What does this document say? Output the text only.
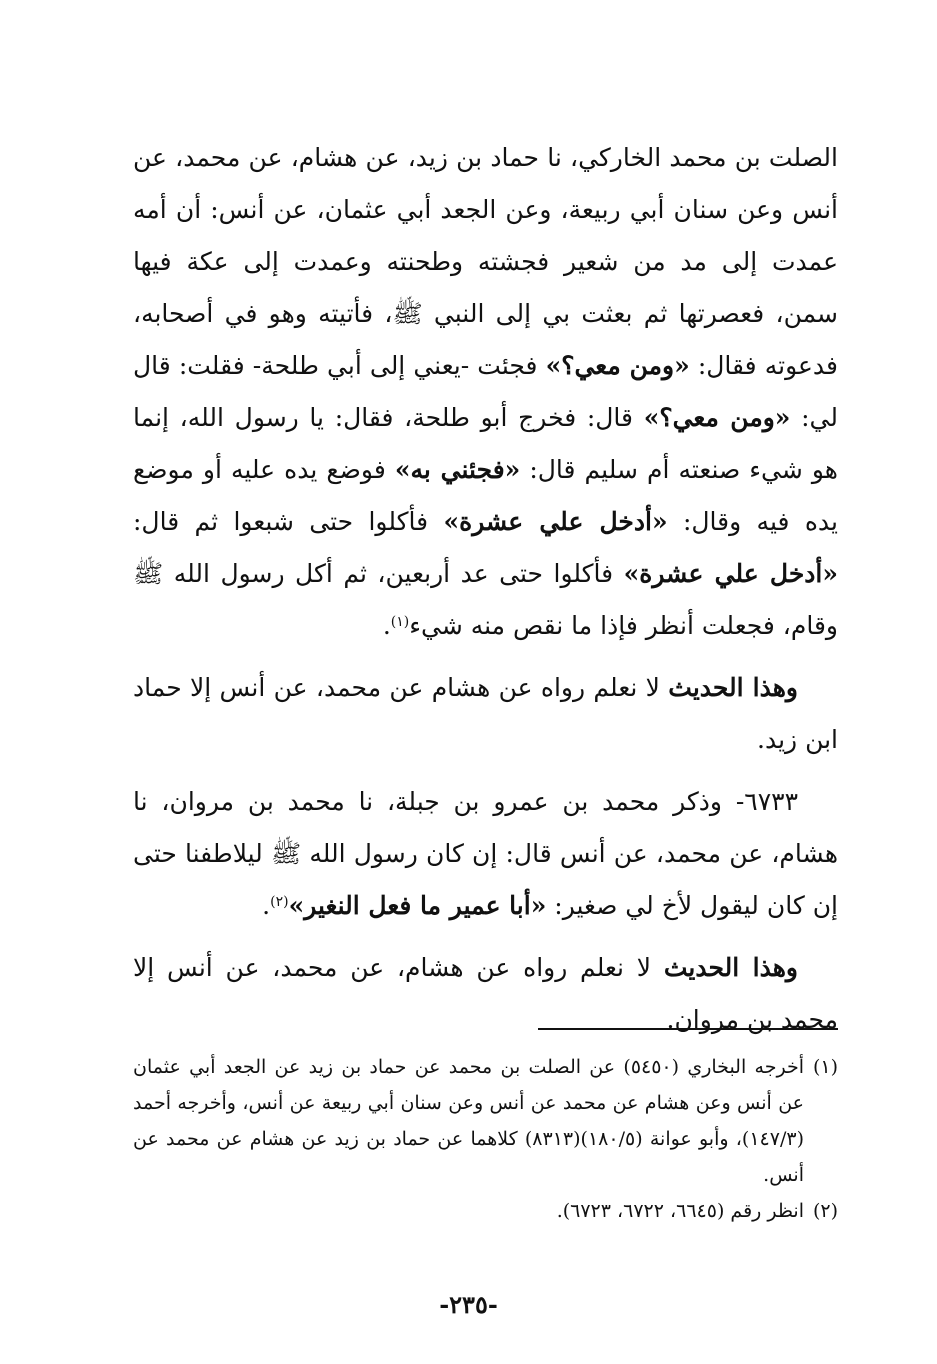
الصلت بن محمد الخاركي، نا حماد بن زيد، عن هشام، عن محمد، عن أنس وعن سنان أبي ربيعة، وعن الجعد أبي عثمان، عن أنس: أن أمه عمدت إلى مد من شعير فجشته وطحنته وعمدت إلى عكة فيها سمن، فعصرتها ثم بعثت بي إلى النبي ﷺ، فأتيته وهو في أصحابه، فدعوته فقال: «ومن معي؟» فجئت -يعني إلى أبي طلحة- فقلت: قال لي: «ومن معي؟» قال: فخرج أبو طلحة، فقال: يا رسول الله، إنما هو شيء صنعته أم سليم قال: «فجئني به» فوضع يده عليه أو موضع يده فيه وقال: «أدخل علي عشرة» فأكلوا حتى شبعوا ثم قال: «أدخل علي عشرة» فأكلوا حتى عد أربعين، ثم أكل رسول الله ﷺ وقام، فجعلت أنظر فإذا ما نقص منه شيء$^{(١)}$.

وهذا الحديث لا نعلم رواه عن هشام عن محمد، عن أنس إلا حماد ابن زيد.

٦٧٣٣- وذكر محمد بن عمرو بن جبلة، نا محمد بن مروان، نا هشام، عن محمد، عن أنس قال: إن كان رسول الله ﷺ ليلاطفنا حتى إن كان ليقول لأخ لي صغير: «أبا عمير ما فعل النغير»$^{(٢)}$.

وهذا الحديث لا نعلم رواه عن هشام، عن محمد، عن أنس إلا محمد بن مروان.

(١)
أخرجه البخاري (٥٤٥٠) عن الصلت بن محمد عن حماد بن زيد عن الجعد أبي عثمان عن أنس وعن هشام عن محمد عن أنس وعن سنان أبي ربيعة عن أنس، وأخرجه أحمد (١٤٧/٣)، وأبو عوانة (١٨٠/٥)(٨٣١٣) كلاهما عن حماد بن زيد عن هشام عن محمد عن أنس.

(٢)
انظر رقم (٦٦٤٥، ٦٧٢٢، ٦٧٢٣).

-٢٣٥-
